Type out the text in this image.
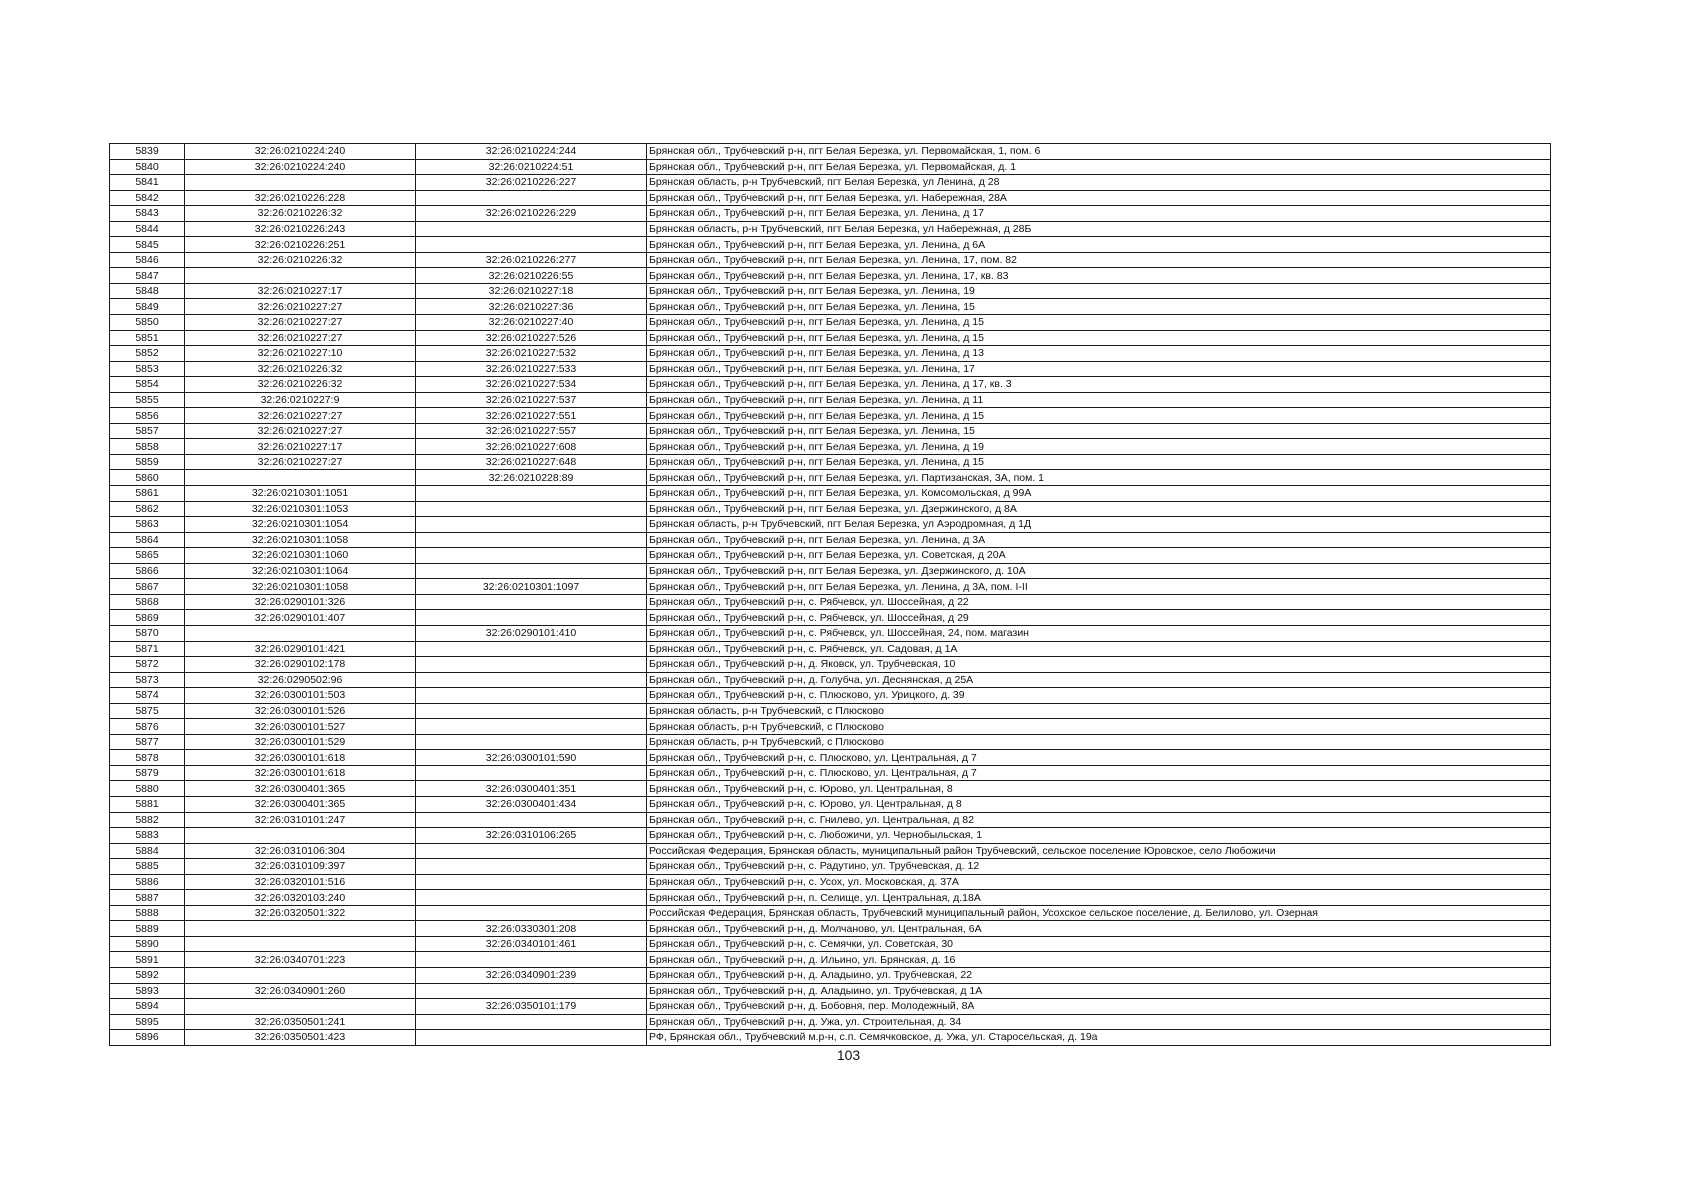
5839	32:26:0210224:240	32:26:0210224:244	Брянская обл., Трубчевский р-н, пгт Белая Березка, ул. Первомайская, 1, пом. 6
5840	32:26:0210224:240	32:26:0210224:51	Брянская обл., Трубчевский р-н, пгт Белая Березка, ул. Первомайская, д. 1
5841		32:26:0210226:227	Брянская область, р-н Трубчевский, пгт Белая Березка, ул Ленина, д 28
5842	32:26:0210226:228		Брянская обл., Трубчевский р-н, пгт Белая Березка, ул. Набережная, 28А
5843	32:26:0210226:32	32:26:0210226:229	Брянская обл., Трубчевский р-н, пгт Белая Березка, ул. Ленина, д 17
5844	32:26:0210226:243		Брянская область, р-н Трубчевский, пгт Белая Березка, ул Набережная, д 28Б
5845	32:26:0210226:251		Брянская обл., Трубчевский р-н, пгт Белая Березка, ул. Ленина, д 6А
5846	32:26:0210226:32	32:26:0210226:277	Брянская обл., Трубчевский р-н, пгт Белая Березка, ул. Ленина, 17, пом. 82
5847		32:26:0210226:55	Брянская обл., Трубчевский р-н, пгт Белая Березка, ул. Ленина, 17, кв. 83
5848	32:26:0210227:17	32:26:0210227:18	Брянская обл., Трубчевский р-н, пгт Белая Березка, ул. Ленина, 19
5849	32:26:0210227:27	32:26:0210227:36	Брянская обл., Трубчевский р-н, пгт Белая Березка, ул. Ленина, 15
5850	32:26:0210227:27	32:26:0210227:40	Брянская обл., Трубчевский р-н, пгт Белая Березка, ул. Ленина, д 15
5851	32:26:0210227:27	32:26:0210227:526	Брянская обл., Трубчевский р-н, пгт Белая Березка, ул. Ленина, д 15
5852	32:26:0210227:10	32:26:0210227:532	Брянская обл., Трубчевский р-н, пгт Белая Березка, ул. Ленина, д 13
5853	32:26:0210226:32	32:26:0210227:533	Брянская обл., Трубчевский р-н, пгт Белая Березка, ул. Ленина, 17
5854	32:26:0210226:32	32:26:0210227:534	Брянская обл., Трубчевский р-н, пгт Белая Березка, ул. Ленина, д 17, кв. 3
5855	32:26:0210227:9	32:26:0210227:537	Брянская обл., Трубчевский р-н, пгт Белая Березка, ул. Ленина, д 11
5856	32:26:0210227:27	32:26:0210227:551	Брянская обл., Трубчевский р-н, пгт Белая Березка, ул. Ленина, д 15
5857	32:26:0210227:27	32:26:0210227:557	Брянская обл., Трубчевский р-н, пгт Белая Березка, ул. Ленина, 15
5858	32:26:0210227:17	32:26:0210227:608	Брянская обл., Трубчевский р-н, пгт Белая Березка, ул. Ленина, д 19
5859	32:26:0210227:27	32:26:0210227:648	Брянская обл., Трубчевский р-н, пгт Белая Березка, ул. Ленина, д 15
5860		32:26:0210228:89	Брянская обл., Трубчевский р-н, пгт Белая Березка, ул. Партизанская, 3А, пом. 1
5861	32:26:0210301:1051		Брянская обл., Трубчевский р-н, пгт Белая Березка, ул. Комсомольская, д 99А
5862	32:26:0210301:1053		Брянская обл., Трубчевский р-н, пгт Белая Березка, ул. Дзержинского, д 8А
5863	32:26:0210301:1054		Брянская область, р-н Трубчевский, пгт Белая Березка, ул Аэродромная, д 1Д
5864	32:26:0210301:1058		Брянская обл., Трубчевский р-н, пгт Белая Березка, ул. Ленина, д 3А
5865	32:26:0210301:1060		Брянская обл., Трубчевский р-н, пгт Белая Березка, ул. Советская, д 20А
5866	32:26:0210301:1064		Брянская обл., Трубчевский р-н, пгт Белая Березка, ул. Дзержинского, д. 10А
5867	32:26:0210301:1058	32:26:0210301:1097	Брянская обл., Трубчевский р-н, пгт Белая Березка, ул. Ленина, д 3А, пом. I-II
5868	32:26:0290101:326		Брянская обл., Трубчевский р-н, с. Рябчевск, ул. Шоссейная, д 22
5869	32:26:0290101:407		Брянская обл., Трубчевский р-н, с. Рябчевск, ул. Шоссейная, д 29
5870		32:26:0290101:410	Брянская обл., Трубчевский р-н, с. Рябчевск, ул. Шоссейная, 24, пом. магазин
5871	32:26:0290101:421		Брянская обл., Трубчевский р-н, с. Рябчевск, ул. Садовая, д 1А
5872	32:26:0290102:178		Брянская обл., Трубчевский р-н, д. Яковск, ул. Трубчевская, 10
5873	32:26:0290502:96		Брянская обл., Трубчевский р-н, д. Голубча, ул. Деснянская, д 25А
5874	32:26:0300101:503		Брянская обл., Трубчевский р-н, с. Плюсково, ул. Урицкого, д. 39
5875	32:26:0300101:526		Брянская область, р-н Трубчевский, с Плюсково
5876	32:26:0300101:527		Брянская область, р-н Трубчевский, с Плюсково
5877	32:26:0300101:529		Брянская область, р-н Трубчевский, с Плюсково
5878	32:26:0300101:618	32:26:0300101:590	Брянская обл., Трубчевский р-н, с. Плюсково, ул. Центральная, д 7
5879	32:26:0300101:618		Брянская обл., Трубчевский р-н, с. Плюсково, ул. Центральная, д 7
5880	32:26:0300401:365	32:26:0300401:351	Брянская обл., Трубчевский р-н, с. Юрово, ул. Центральная, 8
5881	32:26:0300401:365	32:26:0300401:434	Брянская обл., Трубчевский р-н, с. Юрово, ул. Центральная, д 8
5882	32:26:0310101:247		Брянская обл., Трубчевский р-н, с. Гнилево, ул. Центральная, д 82
5883		32:26:0310106:265	Брянская обл., Трубчевский р-н, с. Любожичи, ул. Чернобыльская, 1
5884	32:26:0310106:304		Российская Федерация, Брянская область, муниципальный район Трубчевский, сельское поселение Юровское, село Любожичи
5885	32:26:0310109:397		Брянская обл., Трубчевский р-н, с. Радутино, ул. Трубчевская, д. 12
5886	32:26:0320101:516		Брянская обл., Трубчевский р-н, с. Усох, ул. Московская, д. 37А
5887	32:26:0320103:240		Брянская обл., Трубчевский р-н, п. Селище, ул. Центральная, д.18А
5888	32:26:0320501:322		Российская Федерация, Брянская область, Трубчевский муниципальный район, Усохское сельское поселение, д. Белилово, ул. Озерная
5889		32:26:0330301:208	Брянская обл., Трубчевский р-н, д. Молчаново, ул. Центральная, 6А
5890		32:26:0340101:461	Брянская обл., Трубчевский р-н, с. Семячки, ул. Советская, 30
5891	32:26:0340701:223		Брянская обл., Трубчевский р-н, д. Ильино, ул. Брянская, д. 16
5892		32:26:0340901:239	Брянская обл., Трубчевский р-н, д. Аладыино, ул. Трубчевская, 22
5893	32:26:0340901:260		Брянская обл., Трубчевский р-н, д. Аладыино, ул. Трубчевская, д 1А
5894		32:26:0350101:179	Брянская обл., Трубчевский р-н, д. Бобовня, пер. Молодежный, 8А
5895	32:26:0350501:241		Брянская обл., Трубчевский р-н, д. Ужа, ул. Строительная, д. 34
5896	32:26:0350501:423		РФ, Брянская обл., Трубчевский м.р-н, с.п. Семячковское, д. Ужа, ул. Старосельская, д. 19а
103
